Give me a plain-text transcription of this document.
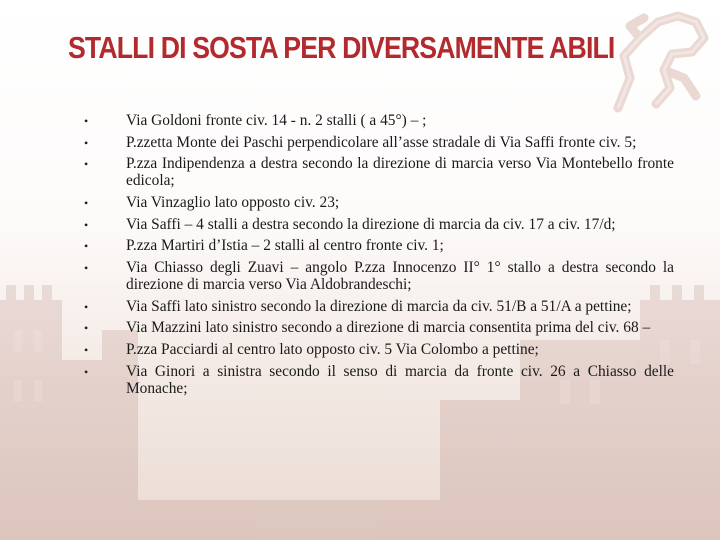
STALLI DI SOSTA PER DIVERSAMENTE ABILI
•	Via Goldoni fronte civ. 14 - n. 2 stalli ( a 45°) – ;
•	P.zzetta Monte dei Paschi perpendicolare all’asse stradale di Via Saffi fronte civ. 5;
•	P.zza Indipendenza a destra secondo la direzione di marcia verso Via Montebello fronte edicola;
•	Via Vinzaglio lato opposto civ. 23;
•	Via Saffi – 4 stalli a destra secondo la direzione di marcia da civ. 17 a civ. 17/d;
•	P.zza Martiri d’Istia – 2 stalli al centro fronte civ. 1;
•	Via Chiasso degli Zuavi – angolo P.zza Innocenzo II° 1° stallo a destra secondo la direzione di marcia verso Via Aldobrandeschi;
•	Via Saffi lato sinistro secondo la direzione di marcia da civ. 51/B a 51/A a pettine;
•	Via Mazzini lato sinistro secondo a direzione di marcia consentita prima del civ. 68 –
•	P.zza Pacciardi al centro lato opposto civ. 5 Via Colombo a pettine;
•	Via Ginori a sinistra secondo il senso di marcia da fronte civ. 26 a Chiasso delle Monache;
